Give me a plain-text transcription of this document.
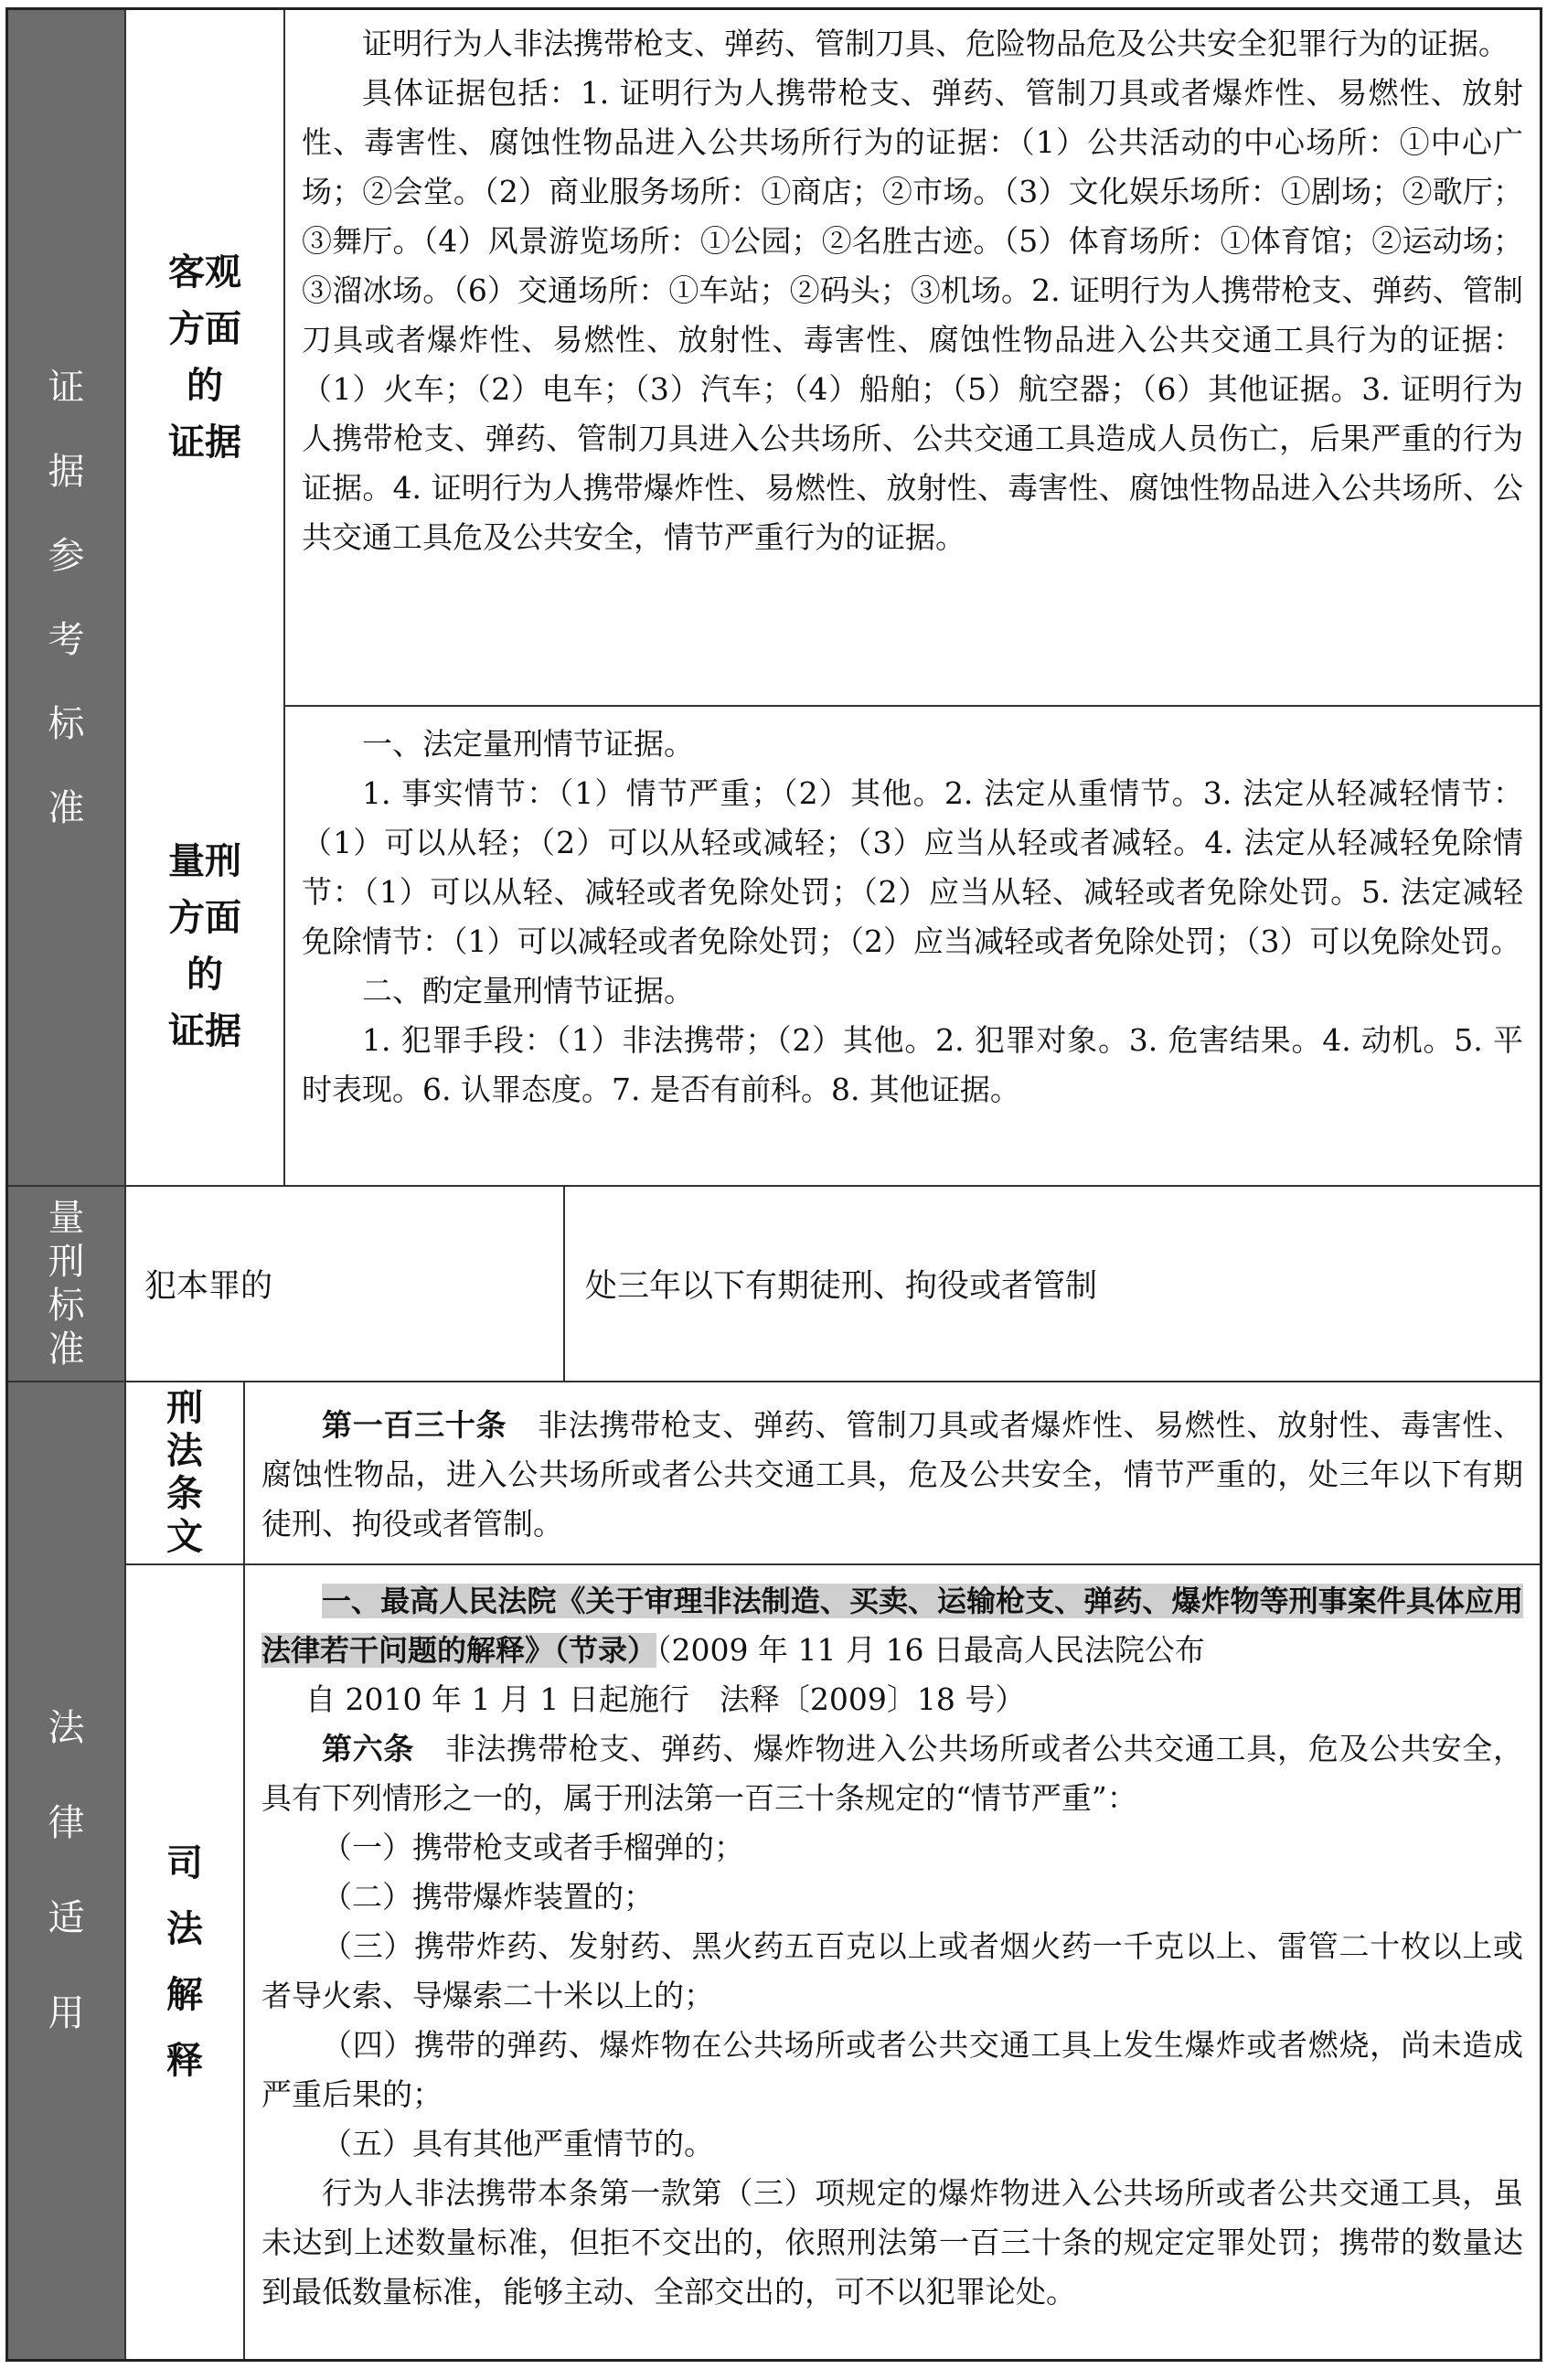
证
据
参
考
标
准
客观
方面
的
证据

证明行为人非法携带枪支、弹药、管制刀具、危险物品危及公共安全犯罪行为的证据。

具体证据包括：1. 证明行为人携带枪支、弹药、管制刀具或者爆炸性、易燃性、放射性、毒害性、腐蚀性物品进入公共场所行为的证据：（1）公共活动的中心场所：①中心广场；②会堂。（2）商业服务场所：①商店；②市场。（3）文化娱乐场所：①剧场；②歌厅；③舞厅。（4）风景游览场所：①公园；②名胜古迹。（5）体育场所：①体育馆；②运动场；③溜冰场。（6）交通场所：①车站；②码头；③机场。2. 证明行为人携带枪支、弹药、管制刀具或者爆炸性、易燃性、放射性、毒害性、腐蚀性物品进入公共交通工具行为的证据：（1）火车；（2）电车；（3）汽车；（4）船舶；（5）航空器；（6）其他证据。3. 证明行为人携带枪支、弹药、管制刀具进入公共场所、公共交通工具造成人员伤亡，后果严重的行为证据。4. 证明行为人携带爆炸性、易燃性、放射性、毒害性、腐蚀性物品进入公共场所、公共交通工具危及公共安全，情节严重行为的证据。

量刑
方面
的
证据

一、法定量刑情节证据。

1. 事实情节：（1）情节严重；（2）其他。2. 法定从重情节。3. 法定从轻减轻情节：（1）可以从轻；（2）可以从轻或减轻；（3）应当从轻或者减轻。4. 法定从轻减轻免除情节：（1）可以从轻、减轻或者免除处罚；（2）应当从轻、减轻或者免除处罚。5. 法定减轻免除情节：（1）可以减轻或者免除处罚；（2）应当减轻或者免除处罚；（3）可以免除处罚。

二、酌定量刑情节证据。

1. 犯罪手段：（1）非法携带；（2）其他。2. 犯罪对象。3. 危害结果。4. 动机。5. 平时表现。6. 认罪态度。7. 是否有前科。8. 其他证据。

量
刑
标
准
犯本罪的	处三年以下有期徒刑、拘役或者管制
法
律
适
用
刑
法
条
文

第一百三十条　非法携带枪支、弹药、管制刀具或者爆炸性、易燃性、放射性、毒害性、腐蚀性物品，进入公共场所或者公共交通工具，危及公共安全，情节严重的，处三年以下有期徒刑、拘役或者管制。

司
法
解
释

一、最高人民法院《关于审理非法制造、买卖、运输枪支、弹药、爆炸物等刑事案件具体应用法律若干问题的解释》（节录）（2009 年 11 月 16 日最高人民法院公布

自 2010 年 1 月 1 日起施行　法释〔2009〕18 号）

第六条　非法携带枪支、弹药、爆炸物进入公共场所或者公共交通工具，危及公共安全，具有下列情形之一的，属于刑法第一百三十条规定的“情节严重”：

（一）携带枪支或者手榴弹的；

（二）携带爆炸装置的；

（三）携带炸药、发射药、黑火药五百克以上或者烟火药一千克以上、雷管二十枚以上或者导火索、导爆索二十米以上的；

（四）携带的弹药、爆炸物在公共场所或者公共交通工具上发生爆炸或者燃烧，尚未造成严重后果的；

（五）具有其他严重情节的。

行为人非法携带本条第一款第（三）项规定的爆炸物进入公共场所或者公共交通工具，虽未达到上述数量标准，但拒不交出的，依照刑法第一百三十条的规定定罪处罚；携带的数量达到最低数量标准，能够主动、全部交出的，可不以犯罪论处。
